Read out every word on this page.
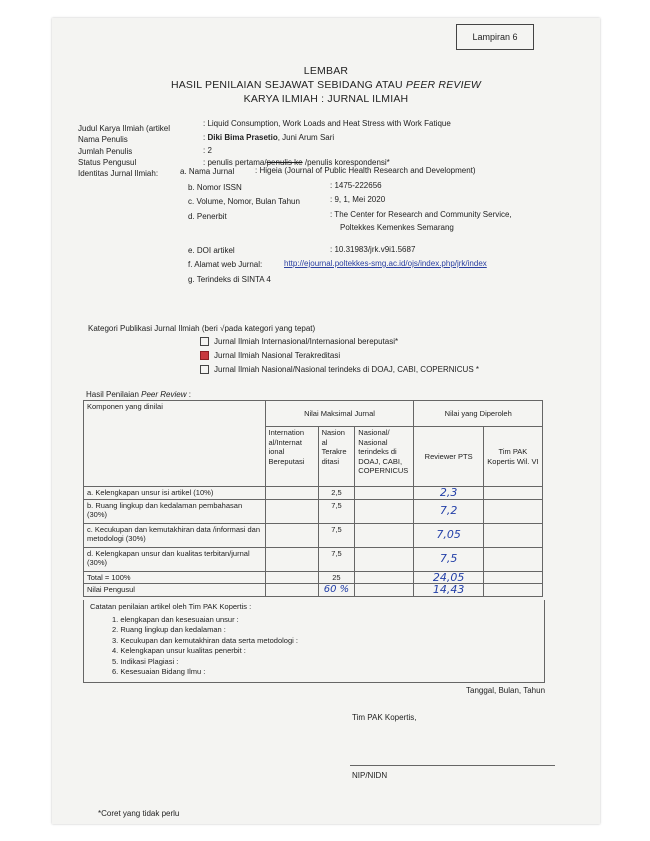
Lampiran 6
LEMBAR
HASIL PENILAIAN SEJAWAT SEBIDANG ATAU PEER REVIEW
KARYA ILMIAH : JURNAL ILMIAH
Judul Karya Ilmiah (artikel
: Liquid Consumption, Work Loads and Heat Stress with Work Fatique
Nama Penulis	: Diki Bima Prasetio, Juni Arum Sari
Jumlah Penulis	: 2
Status Pengusul	: penulis pertama/penulis ke /penulis korespondensi*
Identitas Jurnal Ilmiah:	a. Nama Jurnal	: Higeia (Journal of Public Health Research and Development)
b. Nomor ISSN	: 1475-222656
c. Volume, Nomor, Bulan Tahun	: 9, 1, Mei 2020
d. Penerbit	: The Center for Research and Community Service,
Poltekkes Kemenkes Semarang
e. DOI artikel	: 10.31983/jrk.v9i1.5687
f. Alamat web Jurnal:	http://ejournal.poltekkes-smg.ac.id/ojs/index.php/jrk/index
g. Terindeks di SINTA 4
Kategori Publikasi Jurnal Ilmiah (beri √pada kategori yang tepat)
Jurnal Ilmiah Internasional/Internasional bereputasi*
Jurnal Ilmiah Nasional Terakreditasi
Jurnal Ilmiah Nasional/Nasional terindeks di DOAJ, CABI, COPERNICUS *
Hasil Penilaian Peer Review :
Komponen yang dinilai	Nilai Maksimal Jurnal			Nilai yang Diperoleh	
	Internation al/Internat ional Bereputasi	Nasion al Terakre ditasi	Nasional/ Nasional terindeks di DOAJ, CABI, COPERNICUS	Reviewer PTS	Tim PAK Kopertis Wil. VI
a. Kelengkapan unsur isi artikel (10%)		2,5		2,3	
b. Ruang lingkup dan kedalaman pembahasan (30%)		7,5		7,2	
c. Kecukupan dan kemutakhiran data /informasi dan metodologi (30%)		7,5		7,05	
d. Kelengkapan unsur dan kualitas terbitan/jurnal (30%)		7,5		7,5	
Total = 100%		25		24,05	
Nilai Pengusul		60 %		14,43	
Catatan penilaian artikel oleh Tim PAK Kopertis :
1. elengkapan dan kesesuaian unsur :
2. Ruang lingkup dan kedalaman :
3. Kecukupan dan kemutakhiran data serta metodologi :
4. Kelengkapan unsur kualitas penerbit :
5. Indikasi Plagiasi :
6. Kesesuaian Bidang Ilmu :
Tanggal, Bulan, Tahun
Tim PAK Kopertis,
NIP/NIDN
*Coret yang tidak perlu
